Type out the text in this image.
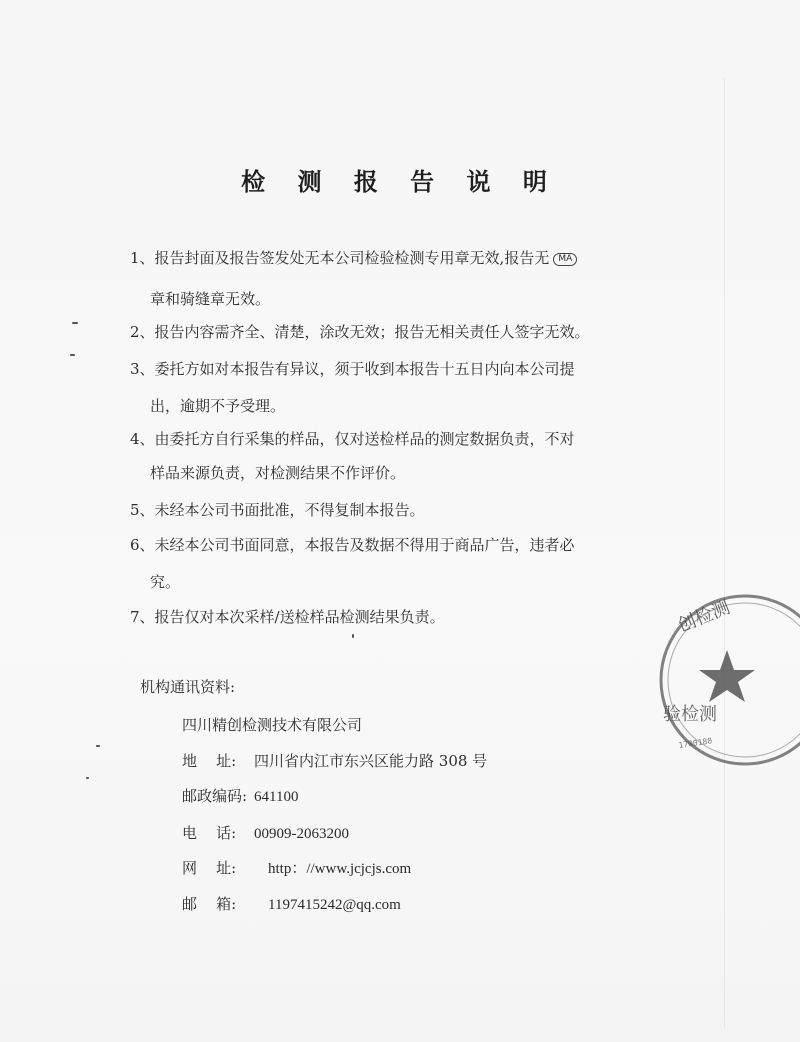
检 测 报 告 说 明
1、报告封面及报告签发处无本公司检验检测专用章无效,报告无 MA
章和骑缝章无效。
2、报告内容需齐全、清楚，涂改无效；报告无相关责任人签字无效。
3、委托方如对本报告有异议，须于收到本报告十五日内向本公司提
出，逾期不予受理。
4、由委托方自行采集的样品，仅对送检样品的测定数据负责，不对
样品来源负责，对检测结果不作评价。
5、未经本公司书面批准，不得复制本报告。
6、未经本公司书面同意，本报告及数据不得用于商品广告，违者必
究。
7、报告仅对本次采样/送检样品检测结果负责。
机构通讯资料:
四川精创检测技术有限公司
地    址: 四川省内江市东兴区能力路 308 号
邮政编码: 641100
电    话: 00909-2063200
网    址: http：//www.jcjcjs.com
邮    箱: 1197415242@qq.com
创检测
验检测
1700180
